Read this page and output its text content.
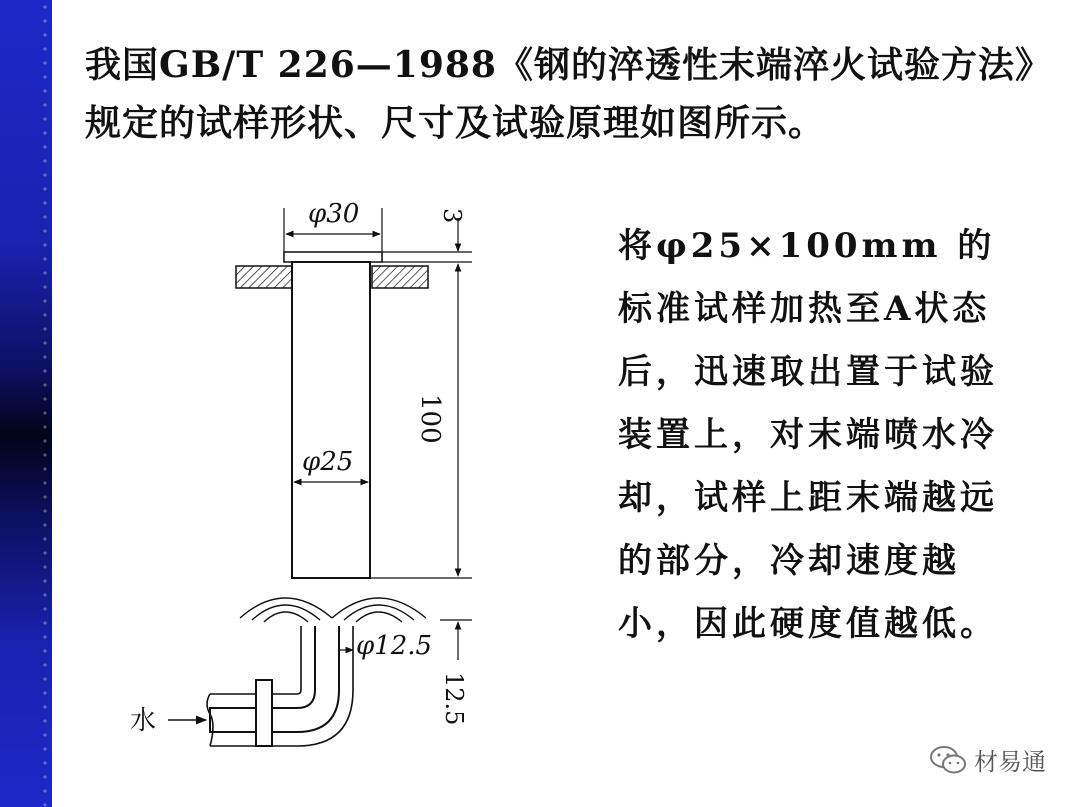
我国GB/T 226—1988《钢的淬透性末端淬火试验方法》规定的试样形状、尺寸及试验原理如图所示。

φ30	3
100
φ25
12.5
φ12.5
水

将φ25×100mm 的标准试样加热至A状态后，迅速取出置于试验装置上，对末端喷水冷却，试样上距末端越远的部分，冷却速度越小，因此硬度值越低。

材易通
